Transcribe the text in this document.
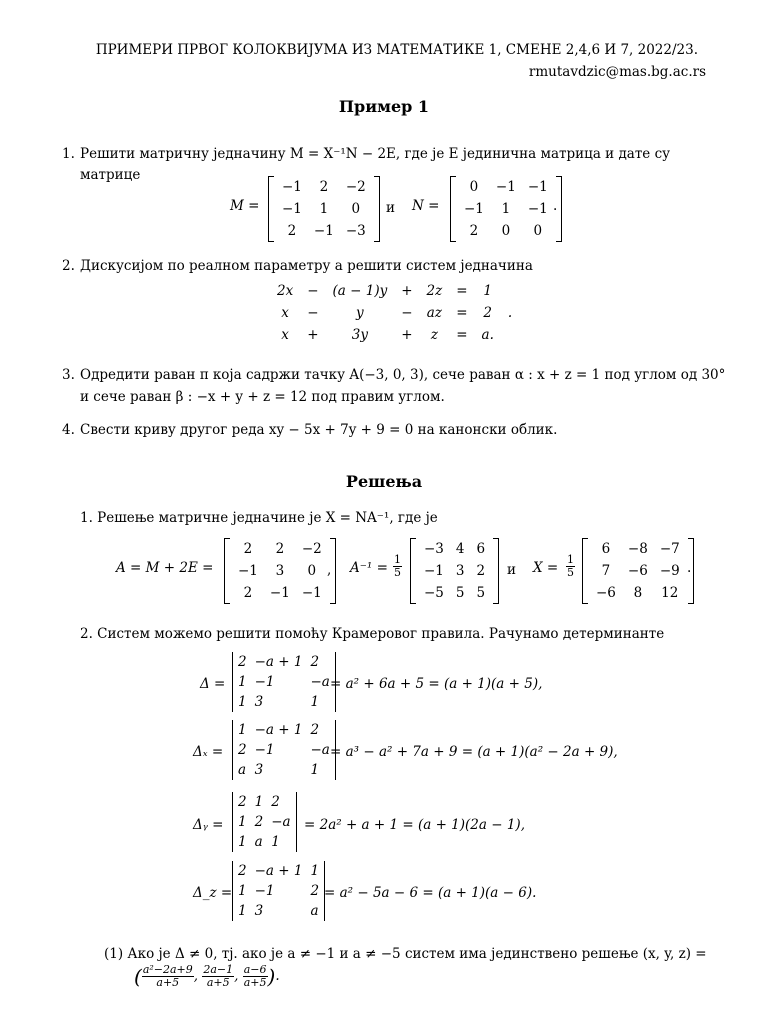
ПРИМЕРИ ПРВОГ КОЛОКВИЈУМА ИЗ МАТЕМАТИКЕ 1, СМЕНЕ 2,4,6 И 7, 2022/23.
rmutavdzic@mas.bg.ac.rs
Пример 1
1. Решити матричну једначину M = X⁻¹N − 2E, где је E јединична матрица и дате су
матрице
M =
−1	2	−2
−1	1	0
2	−1	−3
и N =
0	−1	−1
−1	1	−1
2	0	0
.
2. Дискусијом по реалном параметру a решити систем једначина
2x	−	(a − 1)y	+	2z	=	1	
x	−	y	−	az	=	2	.
x	+	3y	+	z	=	a.	
3. Одредити раван π која садржи тачку A(−3, 0, 3), сече раван α : x + z = 1 под углом од 30°
и сече раван β : −x + y + z = 12 под правим углом.
4. Свести криву другог реда xy − 5x + 7y + 9 = 0 на канонски облик.
Решења
1. Решење матричне једначине је X = NA⁻¹, где је
A = M + 2E =
2	2	−2
−1	3	0
2	−1	−1
, $A^{-1} = \frac{1}{5}$
−3	4	6
−1	3	2
−5	5	5
и $X = \frac{1}{5}$
6	−8	−7
7	−6	−9
−6	8	12
.
2. Систем можемо решити помоћу Крамеровог правила. Рачунамо детерминанте
Δ =
2	−a + 1	2
1	−1	−a
1	3	1
= a² + 6a + 5 = (a + 1)(a + 5),
Δₓ =
1	−a + 1	2
2	−1	−a
a	3	1
= a³ − a² + 7a + 9 = (a + 1)(a² − 2a + 9),
Δᵧ =
2	1	2
1	2	−a
1	a	1
= 2a² + a + 1 = (a + 1)(2a − 1),
Δ_z =
2	−a + 1	1
1	−1	2
1	3	a
= a² − 5a − 6 = (a + 1)(a − 6).
(1) Ако је Δ ≠ 0, тј. ако је a ≠ −1 и a ≠ −5 систем има јединствено решење (x, y, z) =
( $\frac{\text{a²−2a+9}}{a+5}$ , $\frac{2a-1}{a+5}$ , $\frac{a-6}{a+5}$ ).
